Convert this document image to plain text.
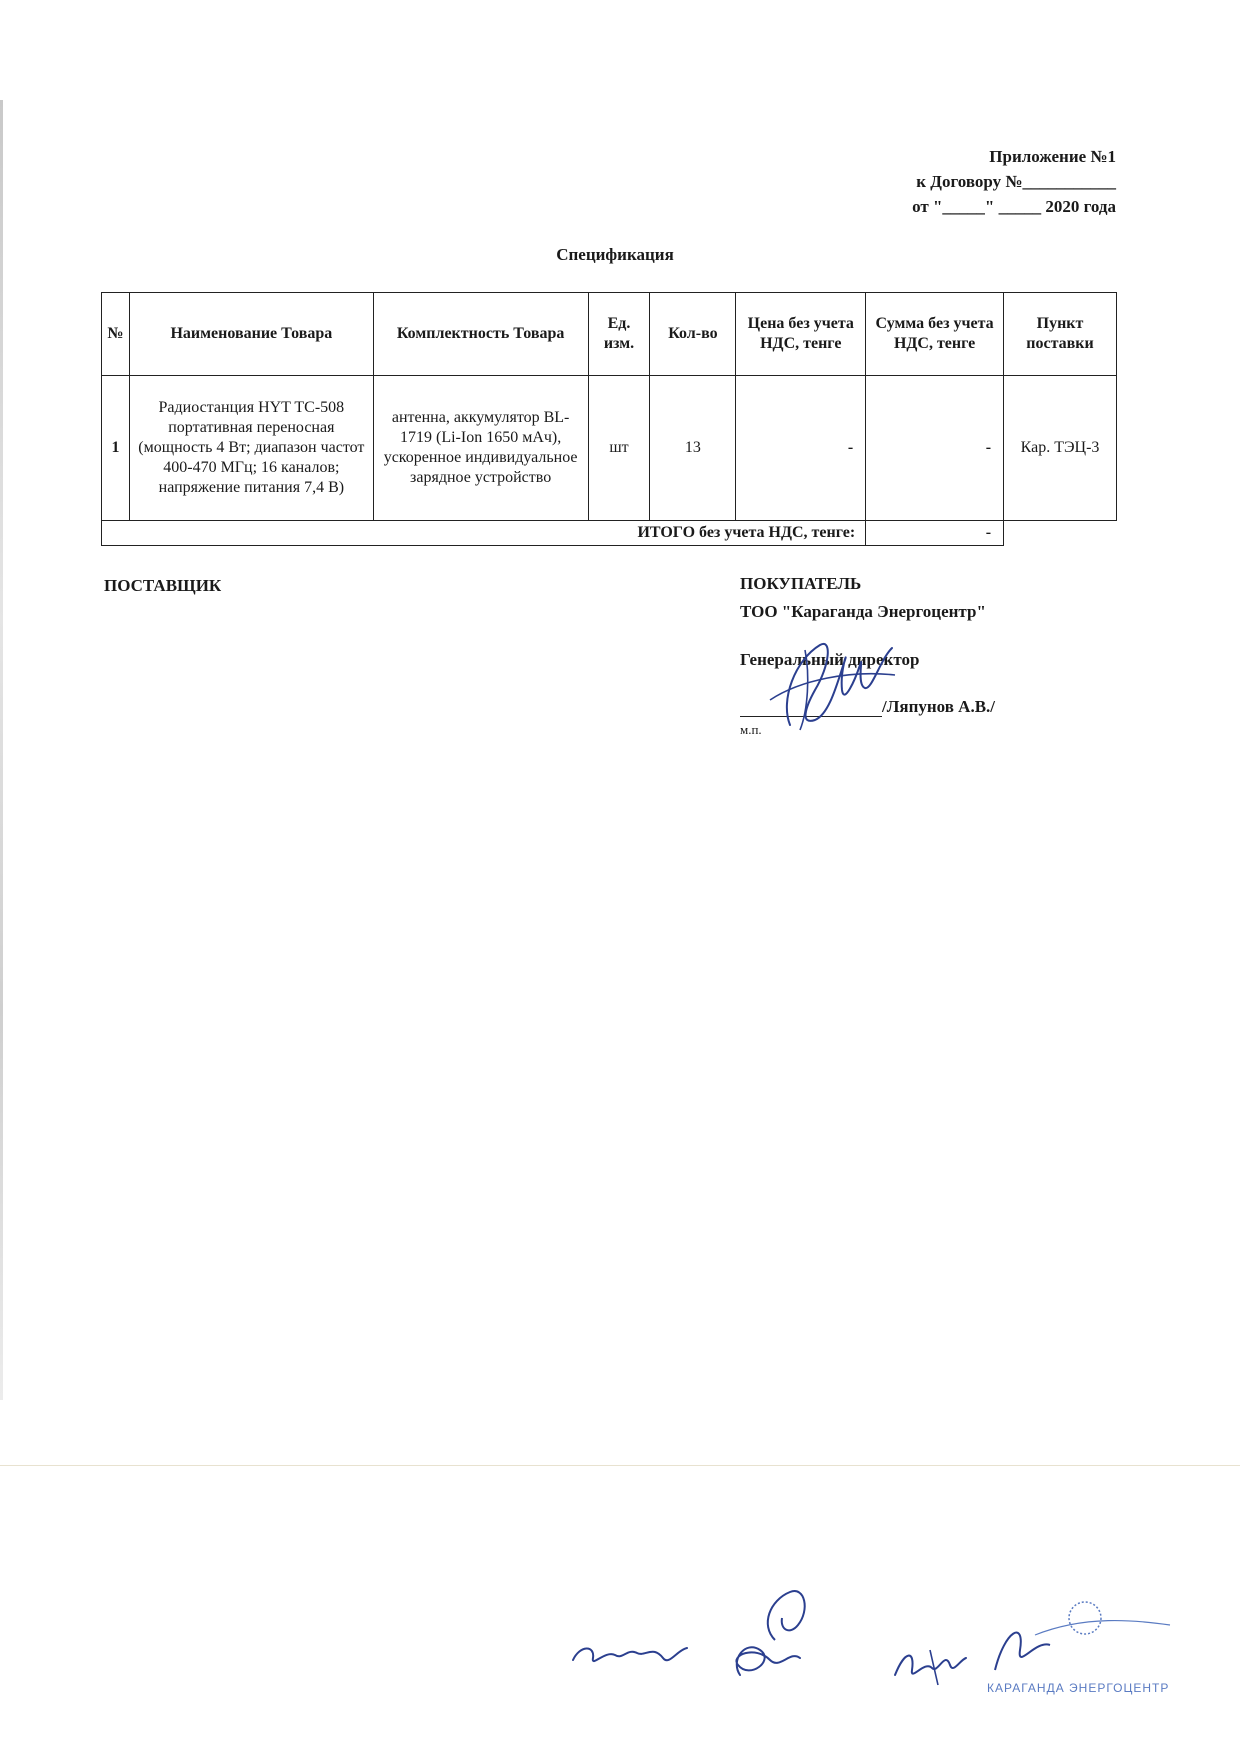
Приложение №1
к Договору №___________
от "_____" _____ 2020 года
Спецификация
№	Наименование Товара	Комплектность Товара	Ед. изм.	Кол-во	Цена без учета НДС, тенге	Сумма без учета НДС, тенге	Пункт поставки
1	Радиостанция HYT TC-508 портативная переносная (мощность 4 Вт; диапазон частот 400-470 МГц; 16 каналов; напряжение питания 7,4 В)	антенна, аккумулятор BL-1719 (Li-Ion 1650 мАч), ускоренное индивидуальное зарядное устройство	шт	13	-	-	Кар. ТЭЦ-3
ИТОГО без учета НДС, тенге:						-	
ПОСТАВЩИК	ПОКУПАТЕЛЬ
ТОО "Караганда Энергоцентр"
Генеральный директор
/Ляпунов А.В./
м.п.
КАРАГАНДА ЭНЕРГОЦЕНТР
